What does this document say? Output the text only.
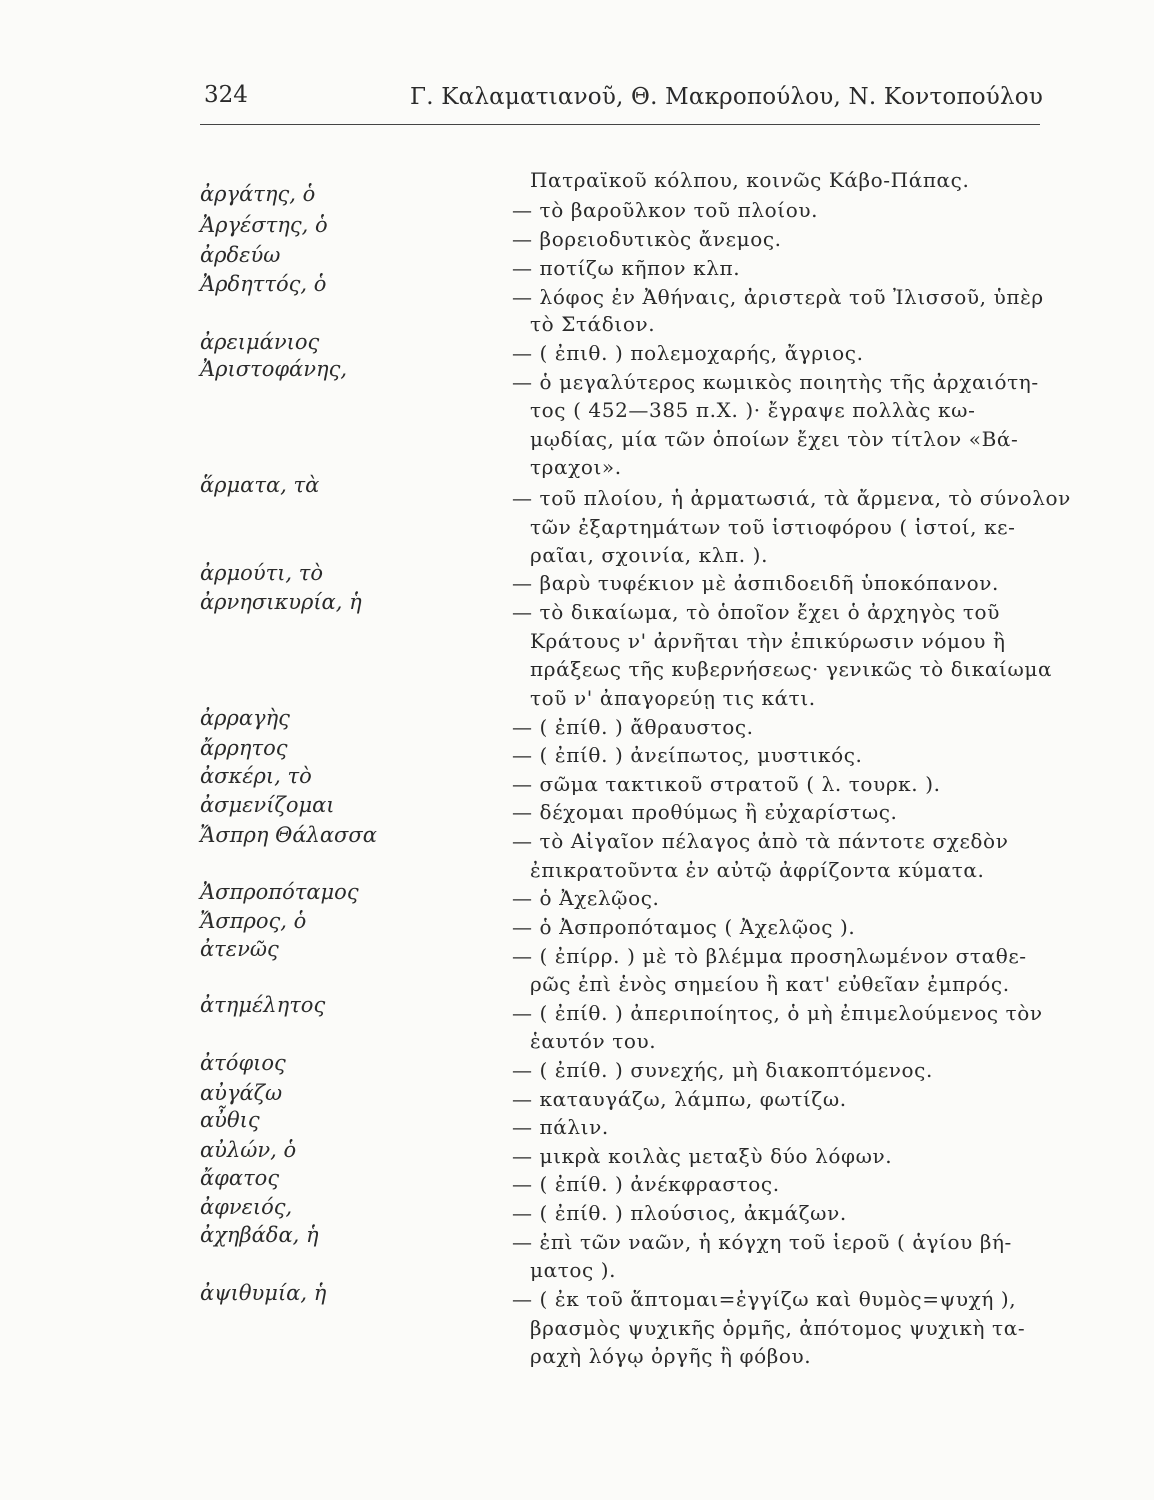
324	Γ. Καλαματιανοῦ, Θ. Μακροπούλου, Ν. Κοντοπούλου
ἀργάτης, ὁ
Ἀργέστης, ὁ
ἀρδεύω
Ἀρδηττός, ὁ
ἀρειμάνιος
Ἀριστοφάνης,
ἅρματα, τὰ
ἀρμούτι, τὸ
ἀρνησικυρία, ἡ
ἀρραγὴς
ἄρρητος
ἀσκέρι, τὸ
ἀσμενίζομαι
Ἄσπρη Θάλασσα
Ἀσπροπόταμος
Ἄσπρος, ὁ
ἀτενῶς
ἀτημέλητος
ἀτόφιος
αὐγάζω
αὖθις
αὐλών, ὁ
ἄφατος
ἀφνειός,
ἀχηβάδα, ἡ
ἀψιθυμία, ἡ
Πατραϊκοῦ κόλπου, κοινῶς Κάβο-Πάπας.
— τὸ βαροῦλκον τοῦ πλοίου.
— βορειοδυτικὸς ἄνεμος.
— ποτίζω κῆπον κλπ.
— λόφος ἐν Ἀθήναις, ἀριστερὰ τοῦ Ἰλισσοῦ, ὑπὲρ
τὸ Στάδιον.
— ( ἐπιθ. ) πολεμοχαρής, ἄγριος.
— ὁ μεγαλύτερος κωμικὸς ποιητὴς τῆς ἀρχαιότη-
τος ( 452—385 π.Χ. )· ἔγραψε πολλὰς κω-
μῳδίας, μία τῶν ὁποίων ἔχει τὸν τίτλον «Βά-
τραχοι».
— τοῦ πλοίου, ἡ ἀρματωσιά, τὰ ἄρμενα, τὸ σύνολον
τῶν ἐξαρτημάτων τοῦ ἱστιοφόρου ( ἱστοί, κε-
ραῖαι, σχοινία, κλπ. ).
— βαρὺ τυφέκιον μὲ ἀσπιδοειδῆ ὑποκόπανον.
— τὸ δικαίωμα, τὸ ὁποῖον ἔχει ὁ ἀρχηγὸς τοῦ
Κράτους ν' ἀρνῆται τὴν ἐπικύρωσιν νόμου ἢ
πράξεως τῆς κυβερνήσεως· γενικῶς τὸ δικαίωμα
τοῦ ν' ἀπαγορεύῃ τις κάτι.
— ( ἐπίθ. ) ἄθραυστος.
— ( ἐπίθ. ) ἀνείπωτος, μυστικός.
— σῶμα τακτικοῦ στρατοῦ ( λ. τουρκ. ).
— δέχομαι προθύμως ἢ εὐχαρίστως.
— τὸ Αἰγαῖον πέλαγος ἀπὸ τὰ πάντοτε σχεδὸν
ἐπικρατοῦντα ἐν αὐτῷ ἀφρίζοντα κύματα.
— ὁ Ἀχελῷος.
— ὁ Ἀσπροπόταμος ( Ἀχελῷος ).
— ( ἐπίρρ. ) μὲ τὸ βλέμμα προσηλωμένον σταθε-
ρῶς ἐπὶ ἑνὸς σημείου ἢ κατ' εὐθεῖαν ἐμπρός.
— ( ἐπίθ. ) ἀπεριποίητος, ὁ μὴ ἐπιμελούμενος τὸν
ἑαυτόν του.
— ( ἐπίθ. ) συνεχής, μὴ διακοπτόμενος.
— καταυγάζω, λάμπω, φωτίζω.
— πάλιν.
— μικρὰ κοιλὰς μεταξὺ δύο λόφων.
— ( ἐπίθ. ) ἀνέκφραστος.
— ( ἐπίθ. ) πλούσιος, ἀκμάζων.
— ἐπὶ τῶν ναῶν, ἡ κόγχη τοῦ ἱεροῦ ( ἁγίου βή-
ματος ).
— ( ἐκ τοῦ ἅπτομαι=ἐγγίζω καὶ θυμὸς=ψυχή ),
βρασμὸς ψυχικῆς ὁρμῆς, ἀπότομος ψυχικὴ τα-
ραχὴ λόγῳ ὀργῆς ἢ φόβου.
